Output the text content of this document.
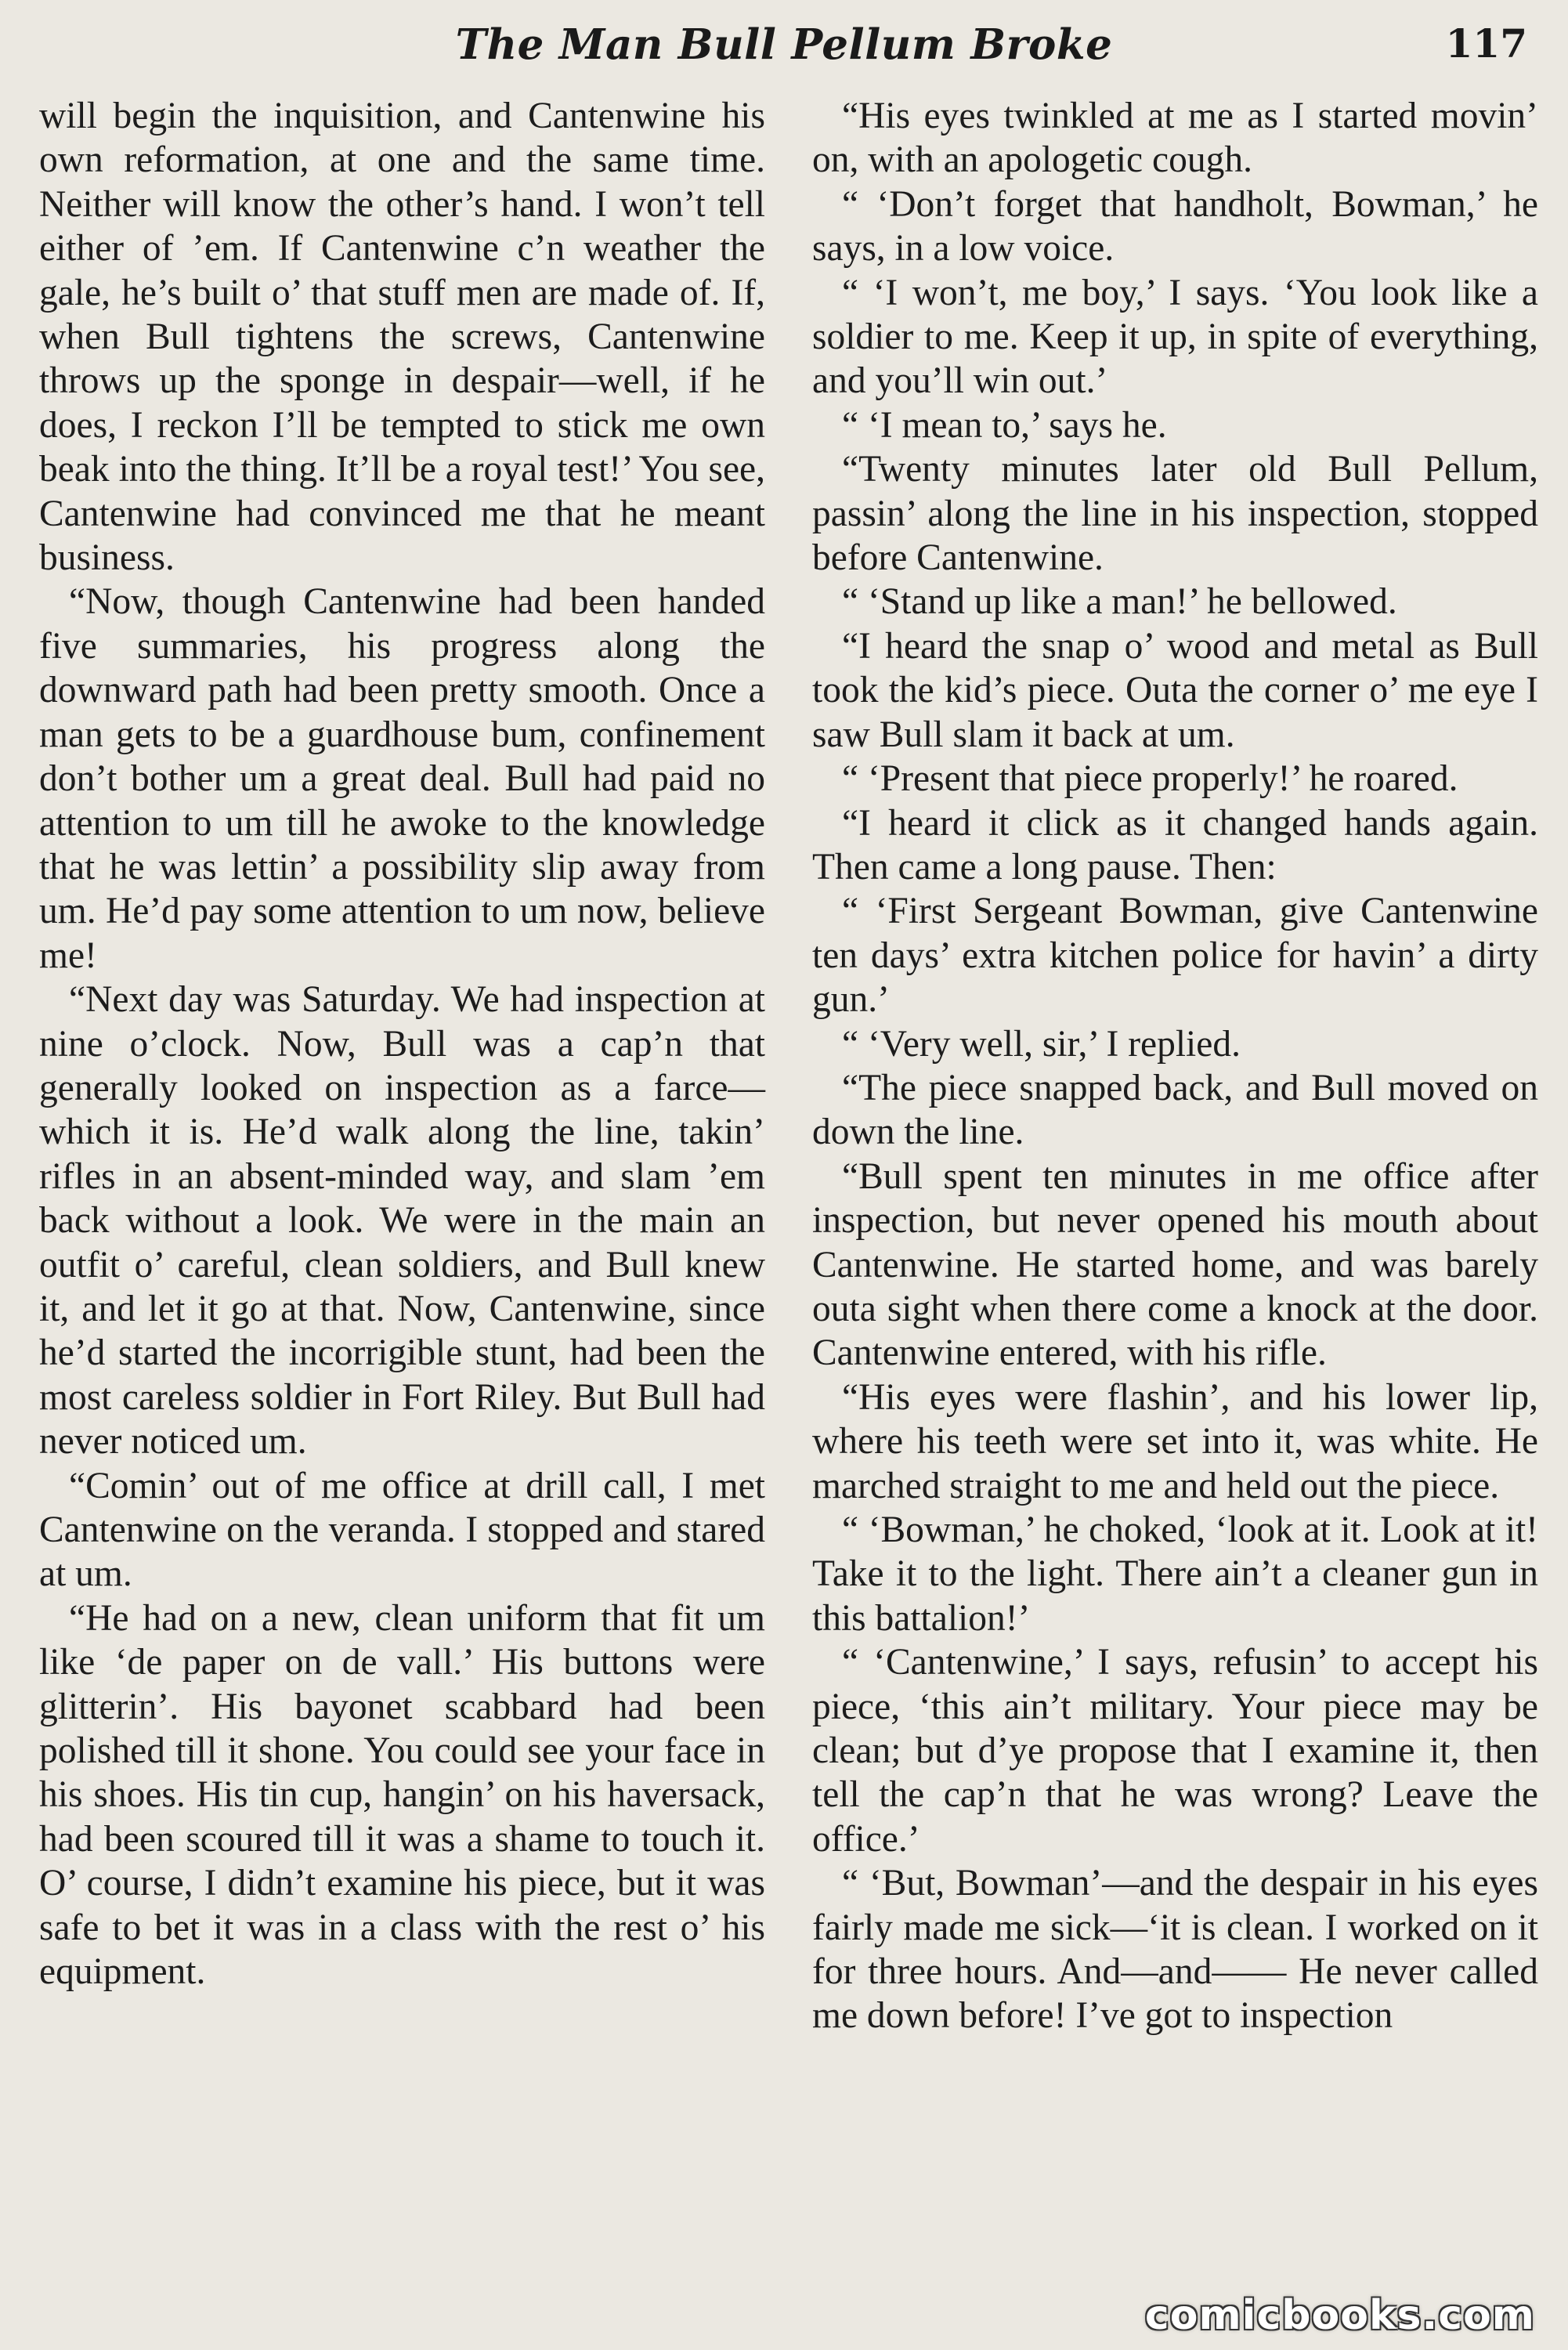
The Man Bull Pellum Broke	117

will begin the inquisition, and Cantenwine his own reformation, at one and the same time. Neither will know the other’s hand. I won’t tell either of ’em. If Cantenwine c’n weather the gale, he’s built o’ that stuff men are made of. If, when Bull tightens the screws, Cantenwine throws up the sponge in despair—well, if he does, I reckon I’ll be tempted to stick me own beak into the thing. It’ll be a royal test!’ You see, Cantenwine had convinced me that he meant business.

“Now, though Cantenwine had been handed five summaries, his progress along the downward path had been pretty smooth. Once a man gets to be a guardhouse bum, confinement don’t bother um a great deal. Bull had paid no attention to um till he awoke to the knowledge that he was lettin’ a possibility slip away from um. He’d pay some attention to um now, believe me!

“Next day was Saturday. We had inspection at nine o’clock. Now, Bull was a cap’n that generally looked on inspection as a farce—which it is. He’d walk along the line, takin’ rifles in an absent-minded way, and slam ’em back without a look. We were in the main an outfit o’ careful, clean soldiers, and Bull knew it, and let it go at that. Now, Cantenwine, since he’d started the incorrigible stunt, had been the most careless soldier in Fort Riley. But Bull had never noticed um.

“Comin’ out of me office at drill call, I met Cantenwine on the veranda. I stopped and stared at um.

“He had on a new, clean uniform that fit um like ‘de paper on de vall.’ His buttons were glitterin’. His bayonet scabbard had been polished till it shone. You could see your face in his shoes. His tin cup, hangin’ on his haversack, had been scoured till it was a shame to touch it. O’ course, I didn’t examine his piece, but it was safe to bet it was in a class with the rest o’ his equipment.

“His eyes twinkled at me as I started movin’ on, with an apologetic cough.

“ ‘Don’t forget that handholt, Bowman,’ he says, in a low voice.

“ ‘I won’t, me boy,’ I says. ‘You look like a soldier to me. Keep it up, in spite of everything, and you’ll win out.’

“ ‘I mean to,’ says he.

“Twenty minutes later old Bull Pellum, passin’ along the line in his inspection, stopped before Cantenwine.

“ ‘Stand up like a man!’ he bellowed.

“I heard the snap o’ wood and metal as Bull took the kid’s piece. Outa the corner o’ me eye I saw Bull slam it back at um.

“ ‘Present that piece properly!’ he roared.

“I heard it click as it changed hands again. Then came a long pause. Then:

“ ‘First Sergeant Bowman, give Cantenwine ten days’ extra kitchen police for havin’ a dirty gun.’

“ ‘Very well, sir,’ I replied.

“The piece snapped back, and Bull moved on down the line.

“Bull spent ten minutes in me office after inspection, but never opened his mouth about Cantenwine. He started home, and was barely outa sight when there come a knock at the door. Cantenwine entered, with his rifle.

“His eyes were flashin’, and his lower lip, where his teeth were set into it, was white. He marched straight to me and held out the piece.

“ ‘Bowman,’ he choked, ‘look at it. Look at it! Take it to the light. There ain’t a cleaner gun in this battalion!’

“ ‘Cantenwine,’ I says, refusin’ to accept his piece, ‘this ain’t military. Your piece may be clean; but d’ye propose that I examine it, then tell the cap’n that he was wrong? Leave the office.’

“ ‘But, Bowman’—and the despair in his eyes fairly made me sick—‘it is clean. I worked on it for three hours. And—and—— He never called me down before! I’ve got to inspection

comicbooks.com
